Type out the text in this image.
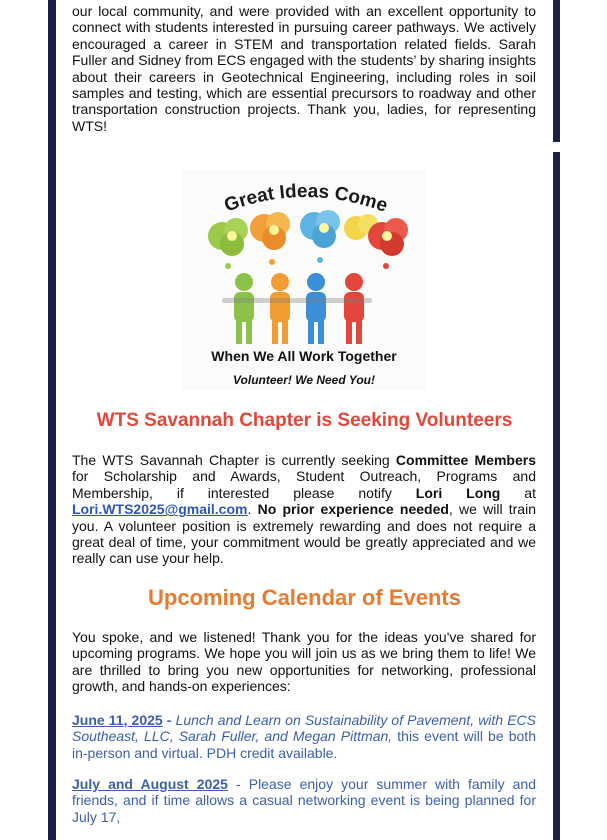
our local community, and were provided with an excellent opportunity to connect with students interested in pursuing career pathways. We actively encouraged a career in STEM and transportation related fields. Sarah Fuller and Sidney from ECS engaged with the students’ by sharing insights about their careers in Geotechnical Engineering, including roles in soil samples and testing, which are essential precursors to roadway and other transportation construction projects. Thank you, ladies, for representing WTS!

Great Ideas Come
When We All Work Together
Volunteer! We Need You!
WTS Savannah Chapter is Seeking Volunteers

The WTS Savannah Chapter is currently seeking Committee Members for Scholarship and Awards, Student Outreach, Programs and Membership, if interested please notify Lori Long at Lori.WTS2025@gmail.com. No prior experience needed, we will train you. A volunteer position is extremely rewarding and does not require a great deal of time, your commitment would be greatly appreciated and we really can use your help.

Upcoming Calendar of Events

You spoke, and we listened! Thank you for the ideas you've shared for upcoming programs. We hope you will join us as we bring them to life! We are thrilled to bring you new opportunities for networking, professional growth, and hands-on experiences:

June 11, 2025 - Lunch and Learn on Sustainability of Pavement, with ECS Southeast, LLC, Sarah Fuller, and Megan Pittman, this event will be both in-person and virtual. PDH credit available.

July and August 2025 - Please enjoy your summer with family and friends, and if time allows a casual networking event is being planned for July 17,
